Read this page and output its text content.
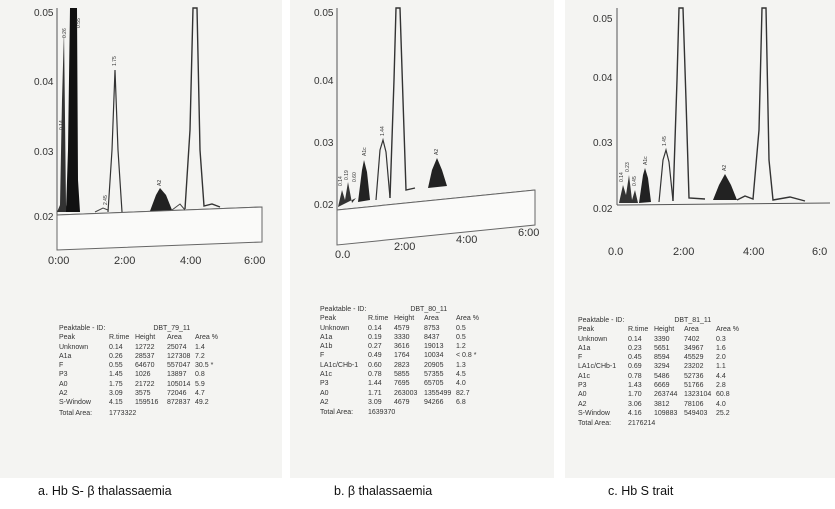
0.05
0.04
0.03
0.02
0:00	2:00	4:00	6:00
0.14
0.26
0.55
1.75
2.45
A2
Peaktable - ID:	DBT_79_11
Peak	R.time Height	Area	Area %
Unknown	0.14	12722	25074	1.4
A1a	0.26	28537	127308 7.2
F	0.55	64670	557047 30.5 *
P3	1.45	1026	13897	0.8
A0	1.75	21722	105014 5.9
A2	3.09	3575	72046	4.7
S-Window	4.15	159516	872837 49.2
Total Area:	1773322
0.05
0.04
0.03
0.02
0.0
2:00
4:00
6:00
0.14
0.19 0.60
A1c
1.44
A2
Peaktable - ID:	DBT_80_11
Peak	R.time Height	Area	Area %
Unknown	0.14	4579	8753	0.5
A1a	0.19	3330	8437	0.5
A1b	0.27	3616	19013	1.2
F	0.49	1764	10034	< 0.8 *
LA1c/CHb-1	0.60	2823	20905	1.3
A1c	0.78	5855	57355	4.5
P3	1.44	7695	65705	4.0
A0	1.71	263003 1355499 82.7
A2	3.09	4679	94266	6.8
Total Area:	1639370
0.05
0.04
0.03
0.02
0.0	2:00	4:00	6:0
0.14
0.23
0.45
A1c
1.45
A2
Peaktable - ID:	DBT_81_11
Peak	R.time Height	Area	Area %
Unknown	0.14	3390	7402	0.3
A1a	0.23	5651	34967	1.6
F	0.45	8594	45529	2.0
LA1c/CHb-1	0.69	3294	23202	1.1
A1c	0.78	5486	52736	4.4
P3	1.43	6669	51766	2.8
A0	1.70	263744 1323104 60.8
A2	3.06	3812	78106	4.0
S-Window	4.16	109883 549403	25.2
Total Area:	2176214
a. Hb S- β thalassaemia	b. β thalassaemia	c. Hb S trait
